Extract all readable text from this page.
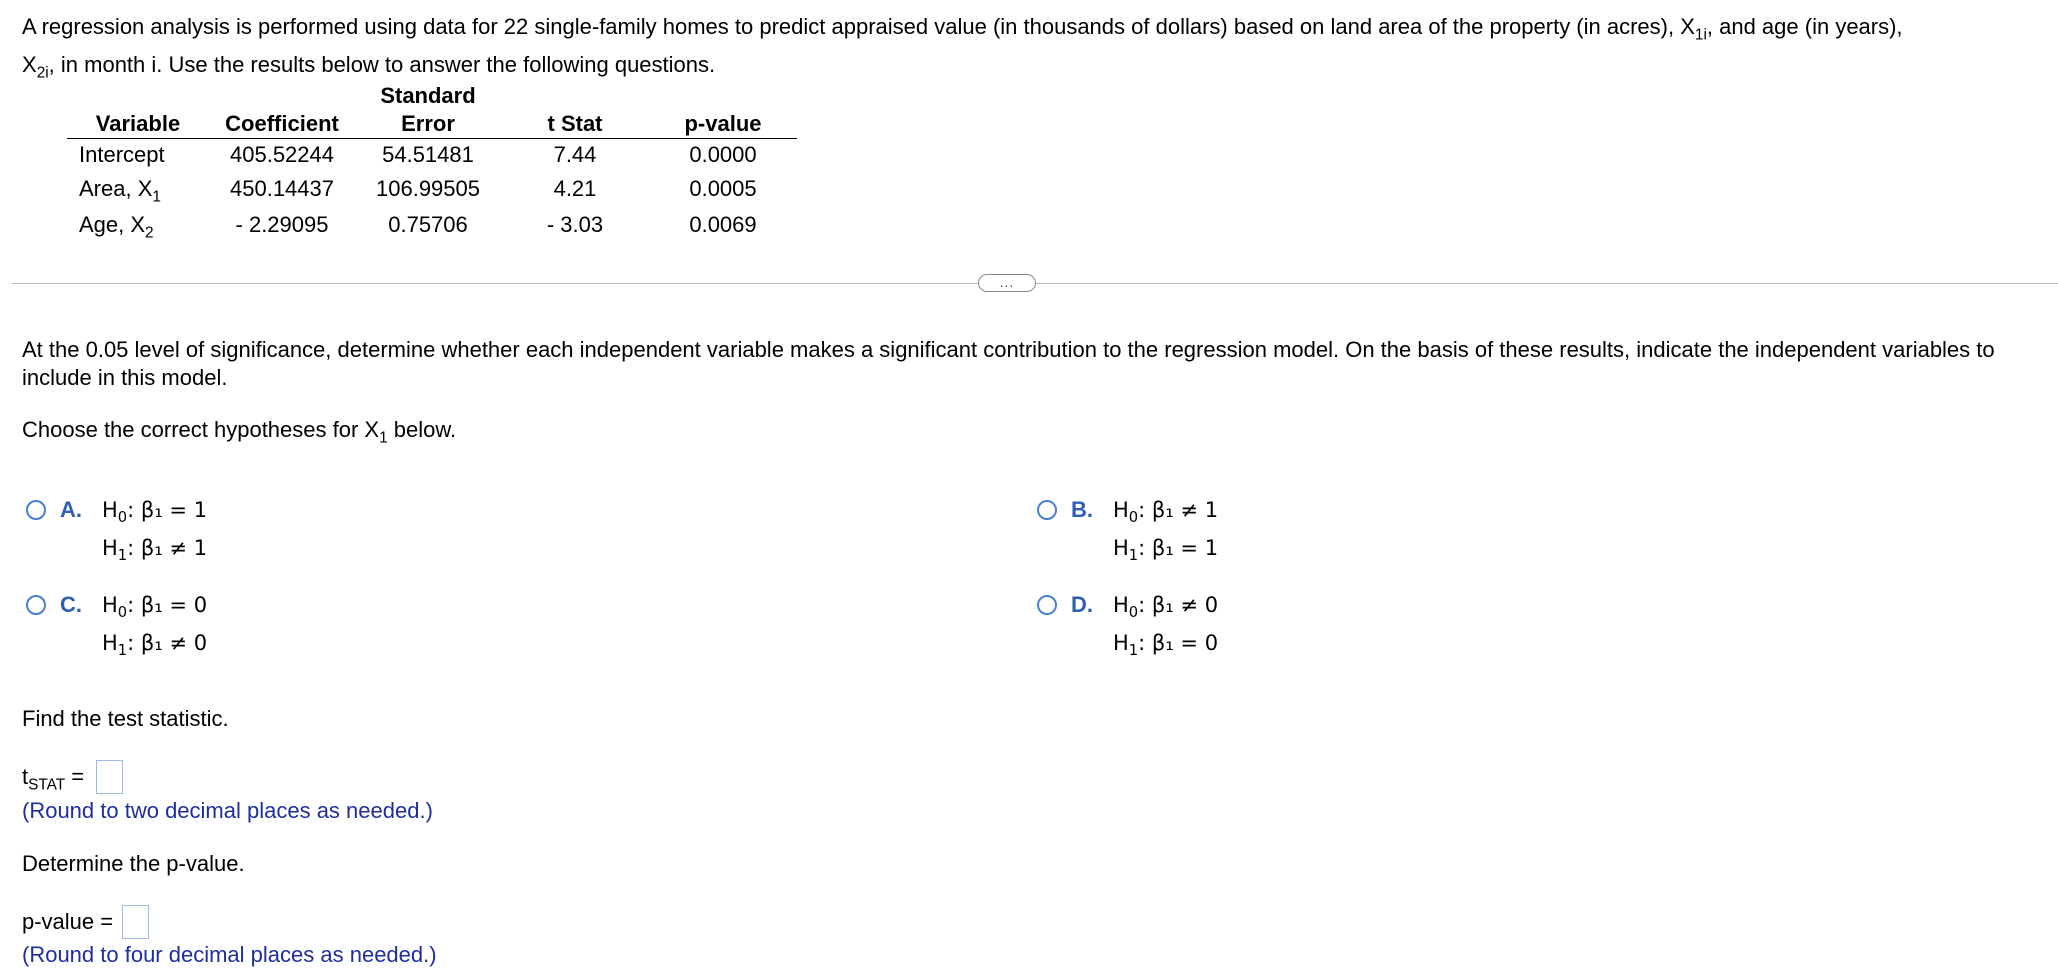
A regression analysis is performed using data for 22 single-family homes to predict appraised value (in thousands of dollars) based on land area of the property (in acres), $X_{1i}$, and age (in years),
$X_{2i}$, in month i. Use the results below to answer the following questions.
		Standard		
Variable	Coefficient	Error	t Stat	p-value
Intercept	405.52244	54.51481	7.44	0.0000
Area, $X_1$	450.14437	106.99505	4.21	0.0005
Age, $X_2$	- 2.29095	0.75706	- 3.03	0.0069
...
At the 0.05 level of significance, determine whether each independent variable makes a significant contribution to the regression model. On the basis of these results, indicate the independent variables to include in this model.
Choose the correct hypotheses for $X_1$ below.
A. $H_0$: β₁ = 1
$H_1$: β₁ ≠ 1
B. $H_0$: β₁ ≠ 1
$H_1$: β₁ = 1
C. $H_0$: β₁ = 0
$H_1$: β₁ ≠ 0
D. $H_0$: β₁ ≠ 0
$H_1$: β₁ = 0
Find the test statistic.
$t_{STAT}$ =
(Round to two decimal places as needed.)
Determine the p-value.
p-value =
(Round to four decimal places as needed.)
